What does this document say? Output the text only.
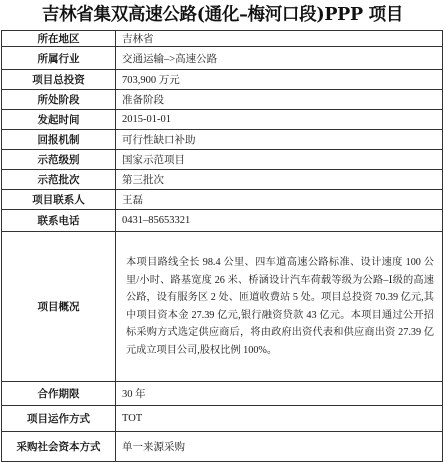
吉林省集双高速公路(通化–梅河口段)PPP 项目
所在地区	吉林省
所属行业	交通运输–>高速公路
项目总投资	703,900 万元
所处阶段	准备阶段
发起时间	2015-01-01
回报机制	可行性缺口补助
示范级别	国家示范项目
示范批次	第三批次
项目联系人	王磊
联系电话	0431–85653321
项目概况	本项目路线全长 98.4 公里、四车道高速公路标准、设计速度 100 公里/小时、路基宽度 26 米、桥涵设计汽车荷载等级为公路–Ⅰ级的高速公路，设有服务区 2 处、匝道收费站 5 处。项目总投资 70.39 亿元,其中项目资本金 27.39 亿元,银行融资贷款 43 亿元。本项目通过公开招标采购方式选定供应商后，将由政府出资代表和供应商出资 27.39 亿元成立项目公司,股权比例 100%。
合作期限	30 年
项目运作方式	TOT
采购社会资本方式	单一来源采购
